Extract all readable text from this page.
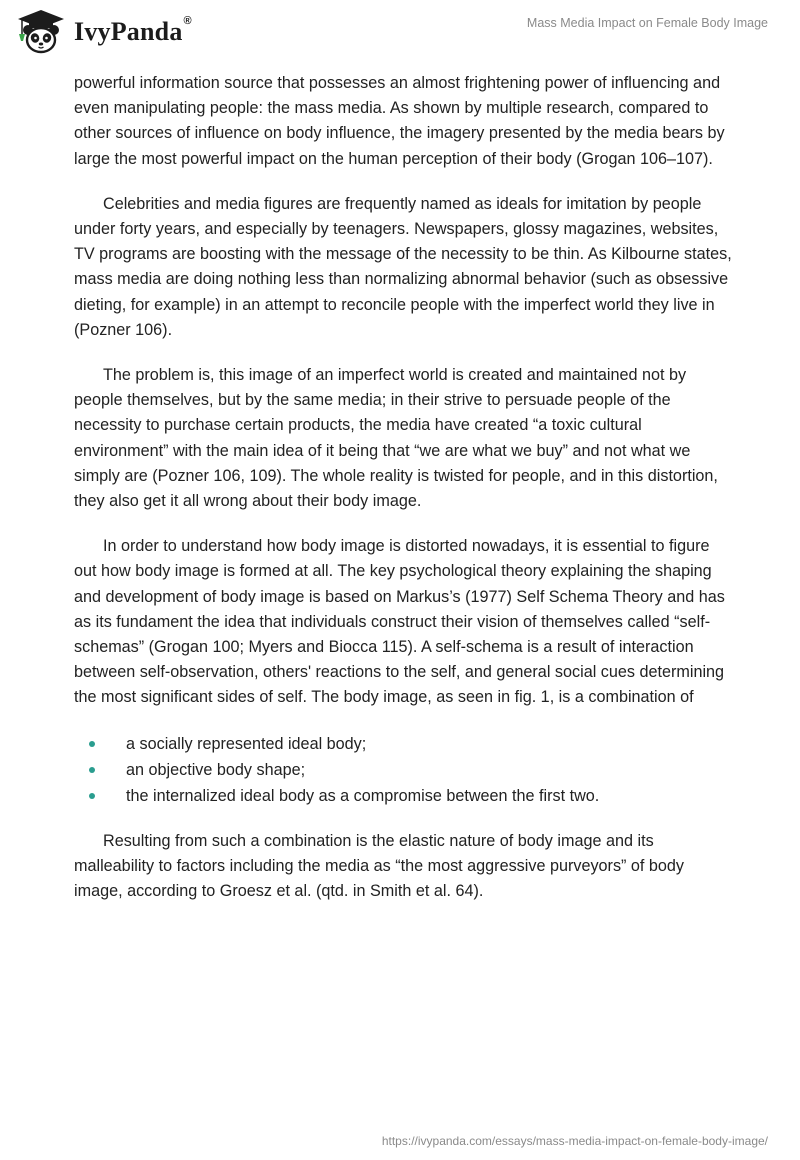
IvyPanda®	Mass Media Impact on Female Body Image

powerful information source that possesses an almost frightening power of influencing and even manipulating people: the mass media. As shown by multiple research, compared to other sources of influence on body influence, the imagery presented by the media bears by large the most powerful impact on the human perception of their body (Grogan 106–107).

Celebrities and media figures are frequently named as ideals for imitation by people under forty years, and especially by teenagers. Newspapers, glossy magazines, websites, TV programs are boosting with the message of the necessity to be thin. As Kilbourne states, mass media are doing nothing less than normalizing abnormal behavior (such as obsessive dieting, for example) in an attempt to reconcile people with the imperfect world they live in (Pozner 106).

The problem is, this image of an imperfect world is created and maintained not by people themselves, but by the same media; in their strive to persuade people of the necessity to purchase certain products, the media have created “a toxic cultural environment” with the main idea of it being that “we are what we buy” and not what we simply are (Pozner 106, 109). The whole reality is twisted for people, and in this distortion, they also get it all wrong about their body image.

In order to understand how body image is distorted nowadays, it is essential to figure out how body image is formed at all. The key psychological theory explaining the shaping and development of body image is based on Markus’s (1977) Self Schema Theory and has as its fundament the idea that individuals construct their vision of themselves called “self-schemas” (Grogan 100; Myers and Biocca 115). A self-schema is a result of interaction between self-observation, others' reactions to the self, and general social cues determining the most significant sides of self. The body image, as seen in fig. 1, is a combination of

a socially represented ideal body;
an objective body shape;
the internalized ideal body as a compromise between the first two.

Resulting from such a combination is the elastic nature of body image and its malleability to factors including the media as “the most aggressive purveyors” of body image, according to Groesz et al. (qtd. in Smith et al. 64).

https://ivypanda.com/essays/mass-media-impact-on-female-body-image/
